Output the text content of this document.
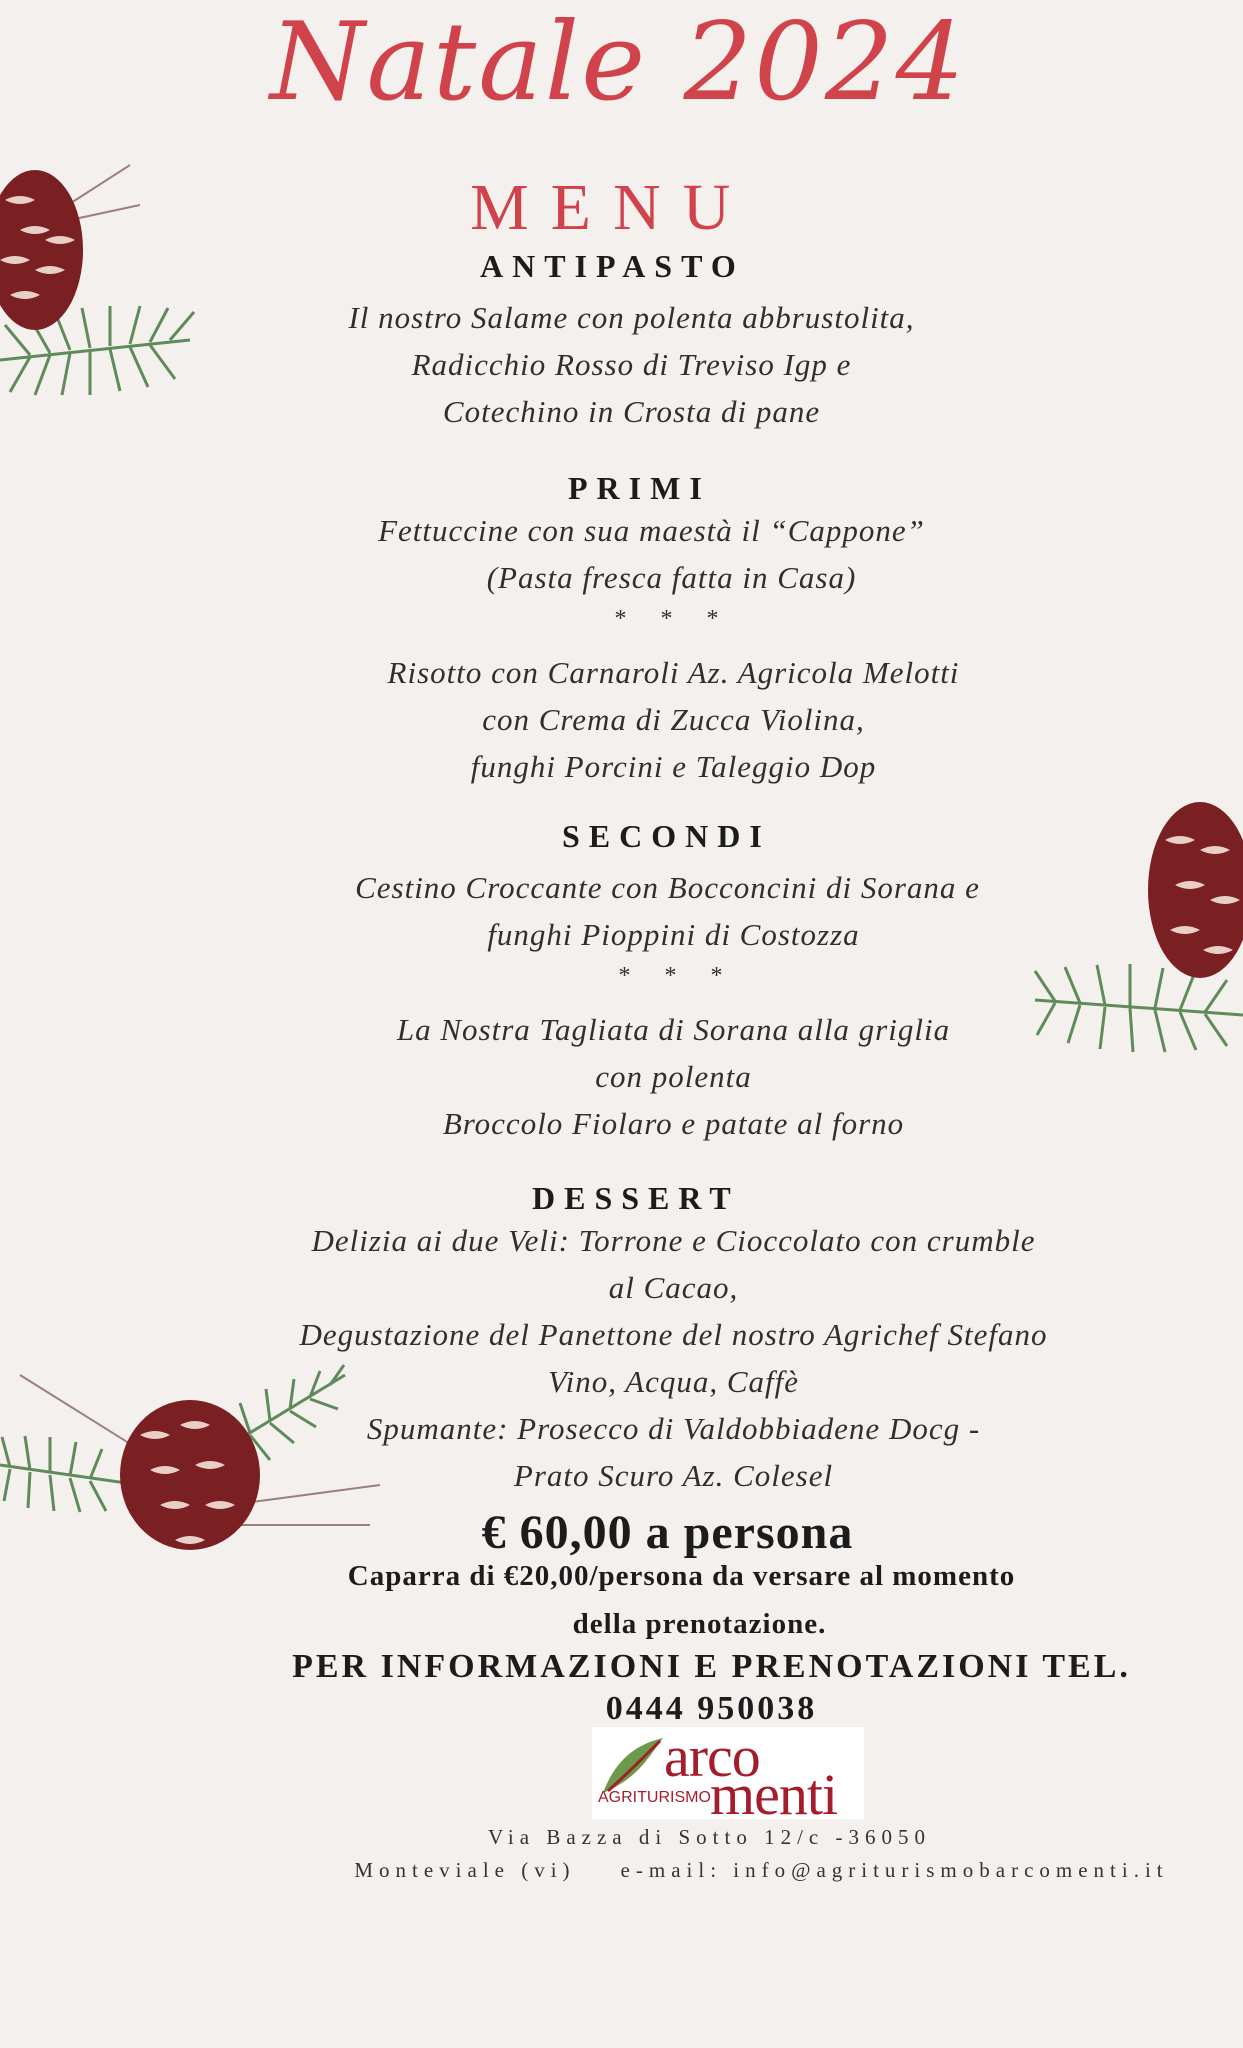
Natale 2024
MENU
ANTIPASTO
Il nostro Salame con polenta abbrustolita,
Radicchio Rosso di Treviso Igp e
Cotechino in Crosta di pane
PRIMI
Fettuccine con sua maestà il “Cappone”
(Pasta fresca fatta in Casa)
* * *
Risotto con Carnaroli Az. Agricola Melotti
con Crema di Zucca Violina,
funghi Porcini e Taleggio Dop
SECONDI
Cestino Croccante con Bocconcini di Sorana e
funghi Pioppini di Costozza
* * *
La Nostra Tagliata di Sorana alla griglia
con polenta
Broccolo Fiolaro e patate al forno
DESSERT
Delizia ai due Veli: Torrone e Cioccolato con crumble
al Cacao,
Degustazione del Panettone del nostro Agrichef Stefano
Vino, Acqua, Caffè
Spumante: Prosecco di Valdobbiadene Docg -
Prato Scuro Az. Colesel
€ 60,00 a persona
Caparra di €20,00/persona da versare al momento
della prenotazione.
PER INFORMAZIONI E PRENOTAZIONI TEL.
0444 950038
arco
menti
AGRITURISMO
Via Bazza di Sotto 12/c -36050
Monteviale (vi)    e-mail: info@agriturismobarcomenti.it
